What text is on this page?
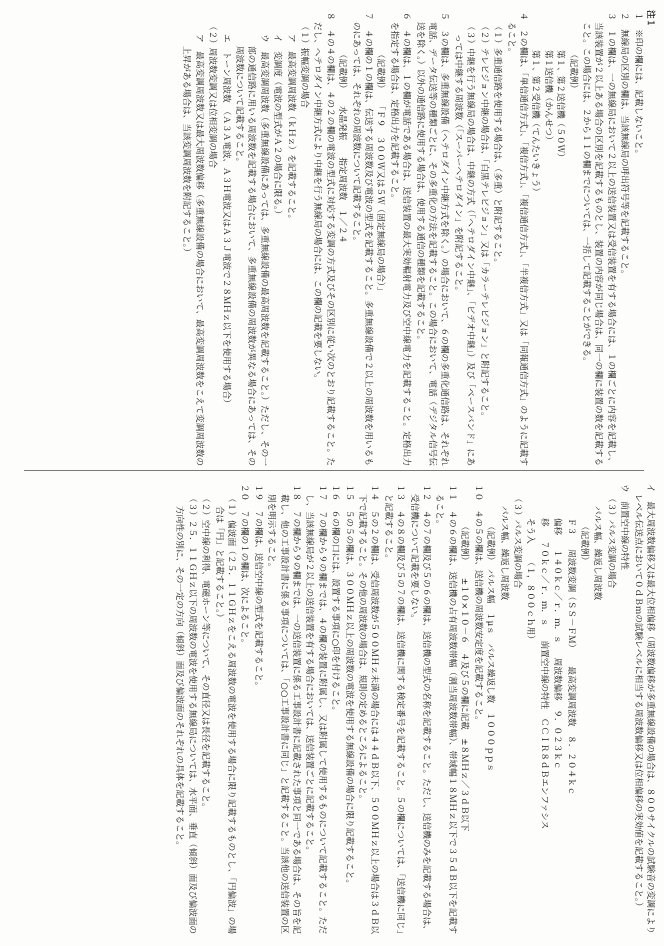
注１

１　※印の欄には、記載しないこと。

２　無線局の区別の欄は、当該無線局の呼出符号等を記載すること。

３　１の欄は、一の無線局において２以上の送信装置又は受信装置を有する場合には、１の欄ごとに内容を記載し、当該装置が２以上ある場合の区別を記載するものとし、装置の内容が同じ場合は、同一の欄に装置の数を記載すること。この場合には、２から１１の欄までについては、一括して記載することができる。

（記載例）

第１、第２送信機（５０Ｗ）

第１送信機（かんせつ）

第１、第２受信機（てんたいきょう）

４　２の欄は、「単信通信方式」、「複信方式」、「複信通信方式」、「半複信方式」又は「同報通信方式」のように記載すること。

（１）多重通信路を使用する場合は、（多重）と附記すること。

（２）テレビジョン中継の場合は、「白黒テレビジョン」又は「カラーテレビジョン」と附記すること。

（３）中継を行う無線局の場合は、中継の方式（「ヘテロダイン中継」、「ビデオ中継」）及び「ベースバンド」にあっては中継する周波数（「スーパーヘテロダイン」を附記すること。

５　３の欄は、多重無線設備（ヘテロダイン中継方式を除く。）の場合において、６の欄の多重化通信路は、それぞれ電話、データ伝送等の種類ごとに、その多重化の方法を記載すること。この場合において、電話（デジタル信号伝送を除く。）以外の通信路に使用する場合は、使用する通信の種類を記載すること。

６　４の欄は、１の欄が電話である場合は、送信装置の最大実効輻射電力及び空中線電力を記載すること。定格出力を指定する場合は、定格出力を記載すること。

（記載例）　　「Ｆ９　３００Ｗ又は５Ｗ（固定無線局の場合）」

７　４の欄の１の欄は、伝送する周波数及び電波の型式を記載すること。多重無線設備で２以上の周波数を用いるものにあっては、それぞれの周波数について記載すること。

（記載例）　　水晶発振　　指定周波数　１／２４

８　４の４の欄は、４の２の欄の電波の型式に対応する変調の方式及びその区別に従い次のとおり記載すること。ただし、ヘテロダイン中継方式により中継を行う無線局の場合には、この欄の記載を要しない。

（１）振幅変調の場合

ア　最高変調周波数（ｋＨｚ）を記載すること。

イ　変調度（電波の型式がＡ２の場合に限る。）

ウ　最高変調周波数（多重無線設備にあっては、多重無線設備の最高周波数を記載すること。）ただし、その一部の通信路に用いる周波数を記載する場合において、多重無線設備の周波数が異なる場合にあっては、その周波数について記載すること。

エ　トーン周波数　（Ａ３Ａ電波、Ａ３Ｈ電波又はＡ３Ｊ電波で２８ＭＨｚ以下を使用する場合）

（２）周波数変調又は位相変調の場合

ア　最高変調周波数又は最大周波数偏移（多重無線設備の場合において、最高変調周波数をこえて変調周波数の上昇がある場合は、当該変調周波数を附記すること。）

イ　最大周波数偏移又は最大位相偏移（周波数偏移が多重無線設備の場合は、８００サイクルの試験音の変調によりレベル伝送点において０ｄＢｍの試験レベルに相当する周波数偏移又は位相偏移の実効値を記載すること。）

ウ　前置空中線の特性

（３）パルス変調の場合

パルス幅、繰返し周波数

（記載例）

Ｆ３
周波数変調（ＳＳ－ＦＭ）
最高変調周波数　８．２０４ｋｃ
偏移
１４０ｋｃ／ｒ．ｍ．ｓ
周波数偏移　９．０２３ｋｃ
移
７０ｋｃ／ｒ．ｍ．ｓ
前置空中線の特性　ＣＣＩＲ８ｄＢエンファシス
そう入
（１，８００ｃｈ用）

（３）パルス変調の場合

パルス幅、繰返し周波数

（記載例）　パルス幅　１μｓ　パルス繰返し数　１０００ｐｐｓ

１０　４の５の欄は、送信機の周波数安定度を記載すること。

（記載例）　　±１０×１０－６　４及び５の欄に記載　±８ＭＨｚ／３ｄＢ以下

１１　４の６の欄は、送信機の占有周波数帯幅（割当周波数帯幅）、帯域幅１８ＭＨｚ以下で３５ｄＢ以下を記載すること。

１２　４の７の欄及び５の６の欄は、送信機の型式の名称を記載すること。ただし、送信機のみを記載する場合は、受信機について記載を要しない。

１３　４の８の欄及び５の７の欄は、送信機に関する検定番号を記載すること。５の欄については、「送信機に同じ」と記載すること。

１４　５の２の欄は、受信周波数が５００ＭＨｚ未満の場合には４４ｄＢ以下、５００ＭＨｚ以上の場合は３ｄＢ以下で記載すること。その他の周波数の場合は、規則の定めるところによること。

１５　５の５の欄は、３００ＭＨｚ以上の周波数の電波を使用する無線設備の場合に限り記載すること。

１６　６の欄の口には、設置する事項に○印を付けること。

１７　７の欄から９の欄までは、４の欄の装置に附属し、又は附属して使用するものについて記載すること。ただし、当該無線局が２以上の送信装置を有する場合においては、送信装置ごとに記載すること。

１８　７の欄から９の欄までは、一の送信装置に係る工事設計書に記載された事項と同一である場合は、その旨を記載し、他の工事設計書に係る事項については、「○○工事設計書に同じ」と記載すること。当該他の送信装置の区別を明示すること。

１９　７の欄は、送信空中線の型式を記載すること。

２０　７の欄の１の欄は、次によること。

（１）偏波面（２５．１１ＧＨｚをこえる周波数の電波を使用する場合に限り記載するものとし、「円偏波」の場合は「円」と記載すること。）

（２）空中線の利得、電磁ホーン等について、その直径又は長径を記載すること。

（３）２５．１１ＧＨｚ以下の周波数の電波を使用する無線局については、水平面、垂直（傾斜）面及び偏波面の方向性の別に、その一定の方向（傾斜）面及び偏波面のそれぞれの具体を記載すること。
